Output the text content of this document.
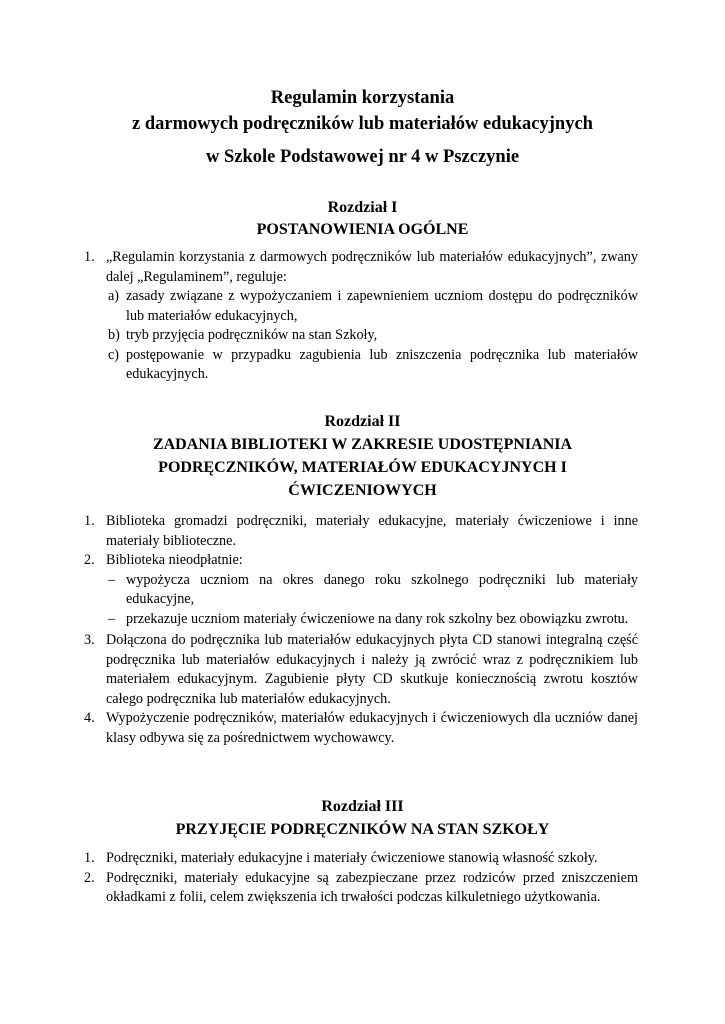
Regulamin korzystania
z darmowych podręczników lub materiałów edukacyjnych
w Szkole Podstawowej nr 4 w Pszczynie
Rozdział I
POSTANOWIENIA OGÓLNE
1. „Regulamin korzystania z darmowych podręczników lub materiałów edukacyjnych”, zwany dalej „Regulaminem”, reguluje:
a) zasady związane z wypożyczaniem i zapewnieniem uczniom dostępu do podręczników lub materiałów edukacyjnych,
b) tryb przyjęcia podręczników na stan Szkoły,
c) postępowanie w przypadku zagubienia lub zniszczenia podręcznika lub materiałów edukacyjnych.
Rozdział II
ZADANIA BIBLIOTEKI W ZAKRESIE UDOSTĘPNIANIA
PODRĘCZNIKÓW, MATERIAŁÓW EDUKACYJNYCH I
ĆWICZENIOWYCH
1. Biblioteka gromadzi podręczniki, materiały edukacyjne, materiały ćwiczeniowe i inne materiały biblioteczne.
2. Biblioteka nieodpłatnie:
– wypożycza uczniom na okres danego roku szkolnego podręczniki lub materiały edukacyjne,
– przekazuje uczniom materiały ćwiczeniowe na dany rok szkolny bez obowiązku zwrotu.
3. Dołączona do podręcznika lub materiałów edukacyjnych płyta CD stanowi integralną część podręcznika lub materiałów edukacyjnych i należy ją zwrócić wraz z podręcznikiem lub materiałem edukacyjnym. Zagubienie płyty CD skutkuje koniecznością zwrotu kosztów całego podręcznika lub materiałów edukacyjnych.
4. Wypożyczenie podręczników, materiałów edukacyjnych i ćwiczeniowych dla uczniów danej klasy odbywa się za pośrednictwem wychowawcy.
Rozdział III
PRZYJĘCIE PODRĘCZNIKÓW NA STAN SZKOŁY
1. Podręczniki, materiały edukacyjne i materiały ćwiczeniowe stanowią własność szkoły.
2. Podręczniki, materiały edukacyjne są zabezpieczane przez rodziców przed zniszczeniem okładkami z folii, celem zwiększenia ich trwałości podczas kilkuletniego użytkowania.
